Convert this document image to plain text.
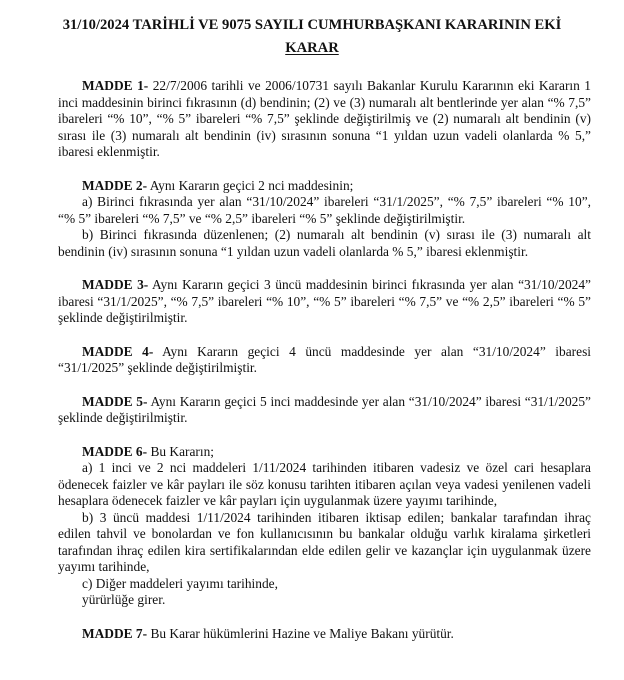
31/10/2024 TARİHLİ VE 9075 SAYILI CUMHURBAŞKANI KARARININ EKİ
KARAR
MADDE 1- 22/7/2006 tarihli ve 2006/10731 sayılı Bakanlar Kurulu Kararının eki Kararın 1 inci maddesinin birinci fıkrasının (d) bendinin; (2) ve (3) numaralı alt bentlerinde yer alan “% 7,5” ibareleri “% 10”, “% 5” ibareleri “% 7,5” şeklinde değiştirilmiş ve (2) numaralı alt bendinin (v) sırası ile (3) numaralı alt bendinin (iv) sırasının sonuna “1 yıldan uzun vadeli olanlarda % 5,” ibaresi eklenmiştir.
MADDE 2- Aynı Kararın geçici 2 nci maddesinin;
a) Birinci fıkrasında yer alan “31/10/2024” ibareleri “31/1/2025”, “% 7,5” ibareleri “% 10”, “% 5” ibareleri “% 7,5” ve “% 2,5” ibareleri “% 5” şeklinde değiştirilmiştir.
b) Birinci fıkrasında düzenlenen; (2) numaralı alt bendinin (v) sırası ile (3) numaralı alt bendinin (iv) sırasının sonuna “1 yıldan uzun vadeli olanlarda % 5,” ibaresi eklenmiştir.
MADDE 3- Aynı Kararın geçici 3 üncü maddesinin birinci fıkrasında yer alan “31/10/2024” ibaresi “31/1/2025”, “% 7,5” ibareleri “% 10”, “% 5” ibareleri “% 7,5” ve “% 2,5” ibareleri “% 5” şeklinde değiştirilmiştir.
MADDE 4- Aynı Kararın geçici 4 üncü maddesinde yer alan “31/10/2024” ibaresi “31/1/2025” şeklinde değiştirilmiştir.
MADDE 5- Aynı Kararın geçici 5 inci maddesinde yer alan “31/10/2024” ibaresi “31/1/2025” şeklinde değiştirilmiştir.
MADDE 6- Bu Kararın;
a) 1 inci ve 2 nci maddeleri 1/11/2024 tarihinden itibaren vadesiz ve özel cari hesaplara ödenecek faizler ve kâr payları ile söz konusu tarihten itibaren açılan veya vadesi yenilenen vadeli hesaplara ödenecek faizler ve kâr payları için uygulanmak üzere yayımı tarihinde,
b) 3 üncü maddesi 1/11/2024 tarihinden itibaren iktisap edilen; bankalar tarafından ihraç edilen tahvil ve bonolardan ve fon kullanıcısının bu bankalar olduğu varlık kiralama şirketleri tarafından ihraç edilen kira sertifikalarından elde edilen gelir ve kazançlar için uygulanmak üzere yayımı tarihinde,
c) Diğer maddeleri yayımı tarihinde,
yürürlüğe girer.
MADDE 7- Bu Karar hükümlerini Hazine ve Maliye Bakanı yürütür.
